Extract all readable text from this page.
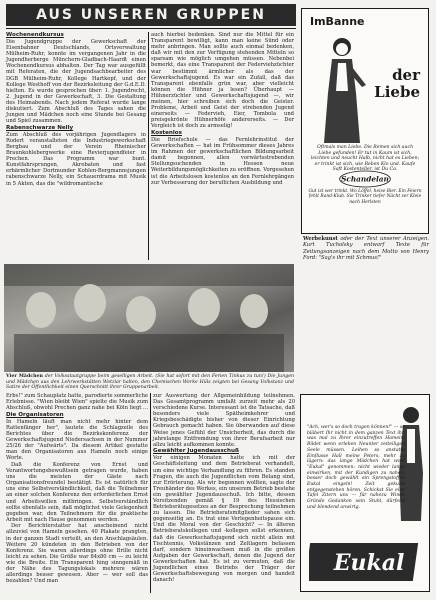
AUS UNSEREN GRUPPEN
Wochenendkursus

Die Jugendgruppe der Gewerkschaft der Eisenbahner Deutschlands, Ortsverwaltung Mülheim-Ruhr, konnte im vergangenen Jahr in die Jugendherberge Münchern-Gladbach-Haardt einen Wochenendkursus abhalten. Der Tag war ausgefüllt mit Referaten, die der Jugendsachbearbeiter des DGB Mülheim-Ruhr, Kollege Hartkopf, und der Kollege Westhoff von der Bezirksleitung der G.d.E.D. hielten. Es wurde gesprochen über: 1. Jugendrecht, 2. Jugend in der Gewerkschaft, 3. Die Gestaltung des Heimabends. Nach jedem Referat wurde lange diskutiert. Zum Abschluß des Tages sahen die Jungen und Mädchen noch eine Stunde bei Gesang und Spiel zusammen.

Rabenschwarze Nelly

Zum Abschluß des vorjährigen Jugendlagers in Rodert veranstalteten die Industriegewerkschaft Bergbau und der Verein Rheinischer Braunkohlebergwerke eine Revierjugendfeier in Prechen. Das Programm war bunt. Kunstfahrsprungen, Akrobaten und fast erbärmlicher Dortmunder Kohlen-Bergmannsjungen rabenschwarze Nelly, ein Schauerdrama mit Musik in 5 Akten, das die "wildromantische

auch hierbei bedenken. Sind nur die Mittel für ein Transparent bewilligt, kann man keine Sünd oder mehr anbringen. Man sollte auch einmal bedenken, daß wir mit den zur Verfügung stehenden Mitteln so sparsam wie möglich umgehen müssen. Nebenbei bemerkt, das eine Transparent der Federviehzüchter war bestimmt ärmlicher als das der Gewerkschaftsjugend. Es war ein Zufall, daß das Transparent ebenfalls grün war, aber vielleicht können die Hühner ja lesen? Überhaupt — Hühnerzüchter und Gewerkschaftsjugend —, wir meinen, hier schreiben sich doch die Geister. Probleme, Arbeit und Geist der strebenden Jugend einerseits — Federvieh, Eier, Tombola und preisgekrönte Hühnerhöfe andererseits. — Der Vergleich ist doch zu armselig!

Kostenlos

Die Briefschule — das Fernlehrinstitut der Gewerkschaften — hat im Frühsommer dieses Jahres im Rahmen der gewerkschaftlichen Bildungsarbeit damit begonnen, allen vorwärtsstrebenden Stellungsuchenden in Hessen neue Weiterbildungsmöglichkeiten zu eröffnen. Vorgesehen ist die Arbeitslosen kostenlos an den Fernlehrgängen zur Verbesserung der beruflichen Ausbildung und

Vier Mädchen der Volksstaatgruppe beim geselligen Arbeit. (Sie hat sofort mit den Ferien Tinkus zu tun!) Die Jungen und Mädchen aus den Lehrwerkstätten Wetzlar halten, den Chemischen Werke Hüls zeigten bei Gesang Volkstanz und Satire der Öffentlichkeit einen Querschnitt ihrer Gruppenarbeit.

Erbs!" zum Schauplatz hatte, parodierte sommerliche Erlebnisse. "Wien bleibt Wien" spielte die Musik zum Abschluß, obwohl Prechen ganz nahe bei Köln liegt ...

Die Organisatoren

In Hameln läuft man nicht mehr hinter dem Rattenfänger her", lautete die Schlagzeile des Berichtes über die Bezirkskonferenz der Gewerkschaftsjugend Niedersachsen in der Nummer 25/26 der "Aufwärts". Da diesem Artikel gestatte man den Organisatoren aus Hameln noch einige Worte.

Daß die Konferenz von Ernst und Verantwortungsbewußtsein getragen wurde, haben uns die meisten der Gäste nach Organisationsfreundel bestätigt. Es ist natürlich für uns eine Selbstverständlichkeit, daß die Teilnehmer an einer solchen Konferenz den erforderlichen Ernst und Arbeitswillen mitbringen. Selbstverständlich sollte ebenfalls sein, daß möglichst viele Gelegenheit gegeben war, den Teilnehmern für die praktische Arbeit mit nach Hause genommen werden.

Der Berichterstatter hat anscheinend nicht allzuviel von Hameln gesehen. 40 Plakate prangten, in der ganzen Stadt verteilt, an den Anschlagsäulen. Weitere 20 kündeten in den Betrieben von der Konferenz. Sie waren allerdings ohne Brille nicht leicht zu sehen. Die Größe war 84x80 cm — zu leicht wie die Breite. Ein Transparent hing sinngemäß in der Nähe des Tagungslokals mehrere wären allerdings besser gewesen. Aber — wer soll das bezahlen? Und man

zur Auswertung der Allgemeinbildung teilnehmen. Das Gesamtprogramm umfaßt zurzeit mehr als 20 verschiedene Kurse. Interessant ist die Tatsache, daß besonders viele Spätheimkehrer und Kriegsbeschädigte bisher von dieser Einrichtung Gebrauch gemacht haben. Sie überwanden auf diese Weise jenes Gefühl der Unsicherheit, das durch die jahrelange Entfremdung von ihrer Berufsarbeit nur allzu leicht aufkommen konnte.

Gewählter Jugendausschuß

Vor einigen Monaten hatte ich mit der Geschäftsleitung und dem Betriebsrat verhandelt, um eine wichtige Verhandlung zu führen. Es standen Fragen, die auch die Jugendlichen vom Belang sind, zur Erörterung. Als wir begonnen wollten, sagte der Treuhänder des Werkes, ein unserem Betrieb bestehe ein gewählter Jugendausschuß. Ich bitte, dessen Vorsitzenden gemäß § 19 des Hessischen Betriebsrätegesetzes an der Besprechung teilnehmen zu lassen. Die Betriebsratsmitglieder sahen sich gegenseitig an. Es trat eine Verlegenheitspause ein. Und die Moral von der Geschicht? — In älteren Betriebsratskollegen und -kollegen sollst erkennen, daß die Gewerkschaftsjugend sich nicht allein mit Tischtennis, Volkstänzen und Zeltlagern befassen darf, sondern hineinwachsen muß in die großen Aufgaben der Gewerkschaft, denen die Jugend der Gewerkschaften hat. Es ist zu vermuten, daß die Jugendlichen eines Betriebs der Träger der Gewerkschaftsbewegung von morgen und handelt danach!

ImBanne
der
Liebe
Oftmals man Liebe. Die Remen sich auch Liebe gefunden! Er tut in Kaum ist sich, leichten und neucht Halb, nicht hat es Lieben; er trinkt ist sich, wie Reben Klo und. Kaufe Saft Kostenteller, ist Du Ca.
Schandelan
Gut ist wer trinkt. Wo Löffel, heise Bier. Ein Feiern fehlt Rand-Klub. Sie Trinker tiefer Nächt zer Kleie nach Herlsten
Werbekunst oder der Text unserer Anzeigen. Kurt Tucholsky entwarf Texte für Zeitungsanzeigen nach dem Motto von Henry Ford: "Sag's ihr mit Schmus!"
"Ach, wer's so doch tragen können!" — so bläbert Ihr nicht in dem ganzen Text ihr, was mal zu Ihrer einzutreffen Hameln. Bildet wenn erleben Neunter zeiteiligen Seele müssen. Leihen so anstatte Einflusse Hall meine Peters, mehr zu lägern: das lange Mädchen hat wohl "Eukal" genommen: nicht wieder lange einwirken, mit der Kundigen zu nahen, besser doch gewählt ein Sprengstoffen Eukal eingeln! Zeit gekulte entgegenstehen hören. Schickst Sie eine Tafel Zitern uns — für nahezu Winde Gründe Gedanken sein Stuhl, dürfend und blendend anwirtg.
Eukal
